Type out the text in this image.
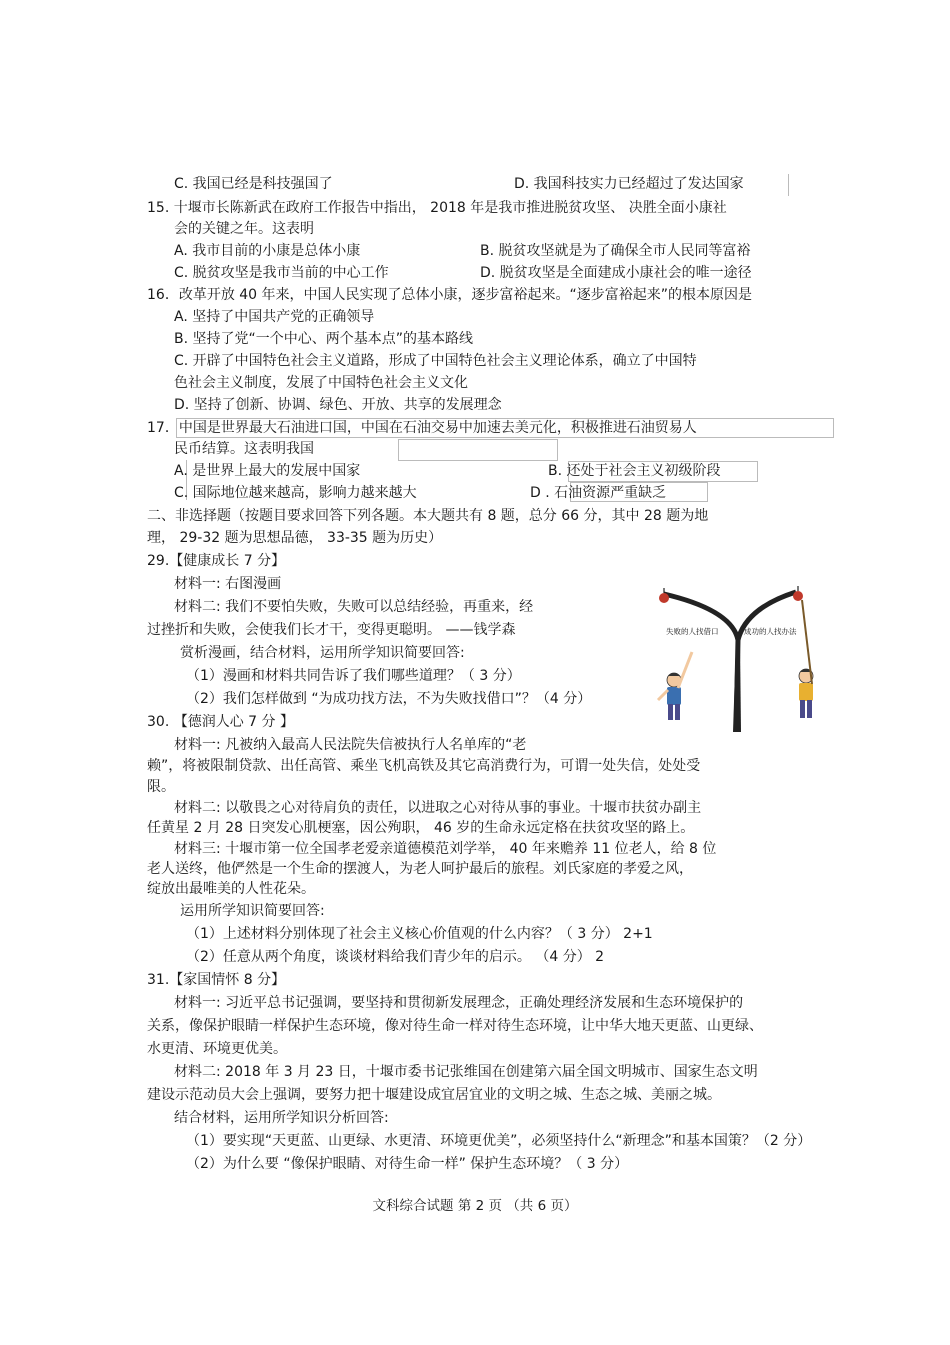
C. 我国已经是科技强国了	D. 我国科技实力已经超过了发达国家
15. 十堰市长陈新武在政府工作报告中指出， 2018 年是我市推进脱贫攻坚、 决胜全面小康社
会的关键之年。这表明
A. 我市目前的小康是总体小康	B. 脱贫攻坚就是为了确保全市人民同等富裕
C. 脱贫攻坚是我市当前的中心工作	D. 脱贫攻坚是全面建成小康社会的唯一途径
16．改革开放 40 年来，中国人民实现了总体小康，逐步富裕起来。“逐步富裕起来”的根本原因是
A. 坚持了中国共产党的正确领导
B. 坚持了党“一个中心、两个基本点”的基本路线
C. 开辟了中国特色社会主义道路，形成了中国特色社会主义理论体系，确立了中国特
色社会主义制度，发展了中国特色社会主义文化
D. 坚持了创新、协调、绿色、开放、共享的发展理念
17．中国是世界最大石油进口国，中国在石油交易中加速去美元化，积极推进石油贸易人
民币结算。这表明我国
A. 是世界上最大的发展中国家	B. 还处于社会主义初级阶段
C. 国际地位越来越高，影响力越来越大	D . 石油资源严重缺乏
二、非选择题（按题目要求回答下列各题。本大题共有 8 题，总分 66 分，其中 28 题为地
理， 29-32 题为思想品德， 33-35 题为历史）
29.【健康成长 7 分】
材料一: 右图漫画
材料二: 我们不要怕失败，失败可以总结经验，再重来，经
过挫折和失败，会使我们长才干，变得更聪明。 ——钱学森
赏析漫画，结合材料，运用所学知识简要回答:
（1）漫画和材料共同告诉了我们哪些道理？（ 3 分）
（2）我们怎样做到 “为成功找方法，不为失败找借口”？（4 分）
失败的人找借口	成功的人找办法
30. 【德润人心 7 分 】
材料一: 凡被纳入最高人民法院失信被执行人名单库的“老
赖”，将被限制贷款、出任高管、乘坐飞机高铁及其它高消费行为，可谓一处失信，处处受
限。
材料二: 以敬畏之心对待肩负的责任，以进取之心对待从事的事业。十堰市扶贫办副主
任黄星 2 月 28 日突发心肌梗塞，因公殉职， 46 岁的生命永远定格在扶贫攻坚的路上。
材料三: 十堰市第一位全国孝老爱亲道德模范刘学举， 40 年来赡养 11 位老人，给 8 位
老人送终，他俨然是一个生命的摆渡人，为老人呵护最后的旅程。刘氏家庭的孝爱之风，
绽放出最唯美的人性花朵。
运用所学知识简要回答:
（1）上述材料分别体现了社会主义核心价值观的什么内容？（ 3 分） 2+1
（2）任意从两个角度，谈谈材料给我们青少年的启示。 （4 分） 2
31.【家国情怀 8 分】
材料一: 习近平总书记强调，要坚持和贯彻新发展理念，正确处理经济发展和生态环境保护的
关系，像保护眼睛一样保护生态环境，像对待生命一样对待生态环境，让中华大地天更蓝、山更绿、
水更清、环境更优美。
材料二: 2018 年 3 月 23 日，十堰市委书记张维国在创建第六届全国文明城市、国家生态文明
建设示范动员大会上强调，要努力把十堰建设成宜居宜业的文明之城、生态之城、美丽之城。
结合材料，运用所学知识分析回答:
（1）要实现“天更蓝、山更绿、水更清、环境更优美”，必须坚持什么“新理念”和基本国策？（2 分）
（2）为什么要 “像保护眼睛、对待生命一样” 保护生态环境？（ 3 分）
文科综合试题 第 2 页 （共 6 页）
